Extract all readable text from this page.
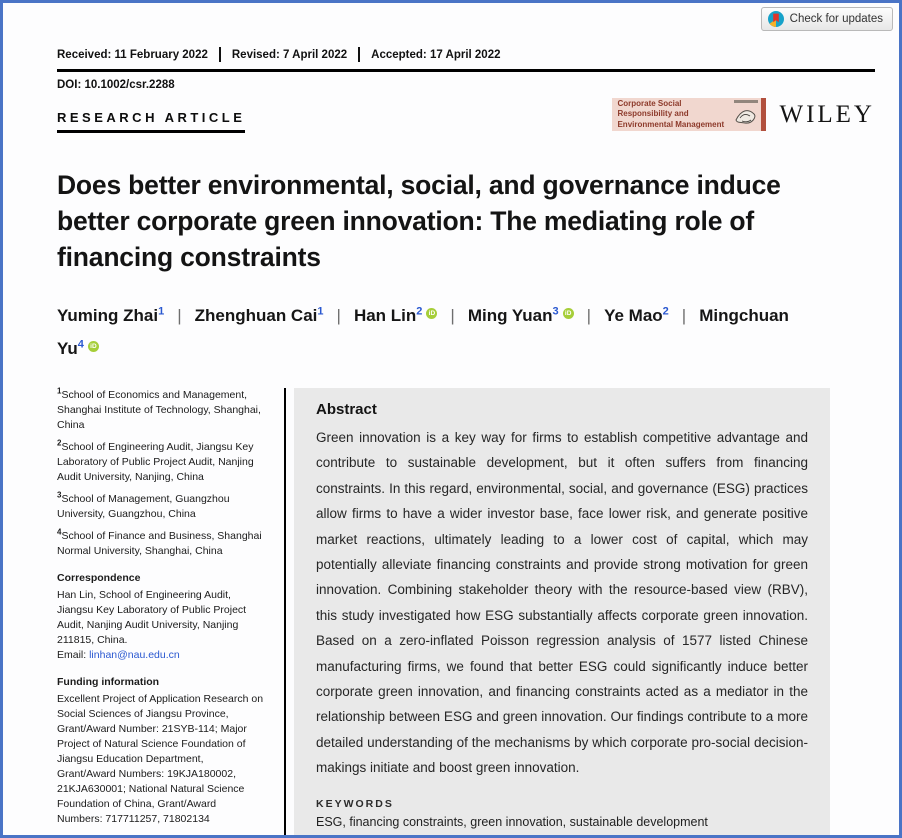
Check for updates
Received: 11 February 2022 Revised: 7 April 2022 Accepted: 17 April 2022
DOI: 10.1002/csr.2288
RESEARCH ARTICLE
Corporate Social Responsibility and
Environmental Management WILEY
Does better environmental, social, and governance induce better corporate green innovation: The mediating role of financing constraints
Yuming Zhai$^1$ | Zhenghuan Cai$^1$ | Han Lin$^2$ iD | Ming Yuan$^3$ iD | Ye Mao$^2$ | Mingchuan Yu$^4$ iD
$^1$School of Economics and Management, Shanghai Institute of Technology, Shanghai, China
$^2$School of Engineering Audit, Jiangsu Key Laboratory of Public Project Audit, Nanjing Audit University, Nanjing, China
$^3$School of Management, Guangzhou University, Guangzhou, China
$^4$School of Finance and Business, Shanghai Normal University, Shanghai, China
Correspondence
Han Lin, School of Engineering Audit, Jiangsu Key Laboratory of Public Project Audit, Nanjing Audit University, Nanjing 211815, China.
Email: linhan@nau.edu.cn
Funding information
Excellent Project of Application Research on Social Sciences of Jiangsu Province, Grant/Award Number: 21SYB-114; Major Project of Natural Science Foundation of Jiangsu Education Department, Grant/Award Numbers: 19KJA180002, 21KJA630001; National Natural Science Foundation of China, Grant/Award Numbers: 717711257, 71802134
Abstract

Green innovation is a key way for firms to establish competitive advantage and contribute to sustainable development, but it often suffers from financing constraints. In this regard, environmental, social, and governance (ESG) practices allow firms to have a wider investor base, face lower risk, and generate positive market reactions, ultimately leading to a lower cost of capital, which may potentially alleviate financing constraints and provide strong motivation for green innovation. Combining stakeholder theory with the resource-based view (RBV), this study investigated how ESG substantially affects corporate green innovation. Based on a zero-inflated Poisson regression analysis of 1577 listed Chinese manufacturing firms, we found that better ESG could significantly induce better corporate green innovation, and financing constraints acted as a mediator in the relationship between ESG and green innovation. Our findings contribute to a more detailed understanding of the mechanisms by which corporate pro-social decision-makings initiate and boost green innovation.

KEYWORDS
ESG, financing constraints, green innovation, sustainable development
